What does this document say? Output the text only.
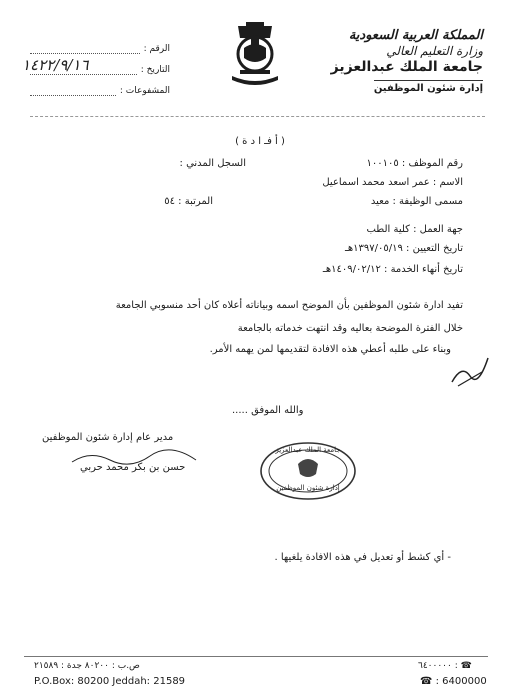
المملكة العربية السعودية
وزارة التعليم العالي
جامعة الملك عبدالعزيز
إدارة شئون الموظفين
الرقم :
التاريخ :
١٤٢٢/٩/١٦
المشفوعات :
( أ فـ ا د ة )
رقم الموظف : ١٠٠١٠٥
السجل المدني :
الاسم : عمر اسعد محمد اسماعيل
مسمى الوظيفة : معيد
المرتبة : ٥٤
جهة العمل : كلية الطب
تاريخ التعيين : ١٣٩٧/٠٥/١٩هـ
تاريخ أنهاء الخدمة : ١٤٠٩/٠٢/١٢هـ
تفيد ادارة شئون الموظفين بأن الموضح اسمه وبياناته أعلاه كان أحد منسوبي الجامعة
خلال الفترة الموضحة بعاليه وقد انتهت خدماته بالجامعة
وبناء على طلبه أعطي هذه الافادة لتقديمها لمن يهمه الأمر.
والله الموفق .....
مدير عام إدارة شئون الموظفين
حسن بن بكر محمد حربي
جامعة الملك عبدالعزيز
إدارة شئون الموظفين
- أي كشط أو تعديل في هذه الافادة يلغيها .
ص.ب : ٨٠٢٠٠ جدة : ٢١٥٨٩
P.O.Box: 80200 Jeddah: 21589
☎ : ٦٤٠٠٠٠٠
☎ : 6400000
